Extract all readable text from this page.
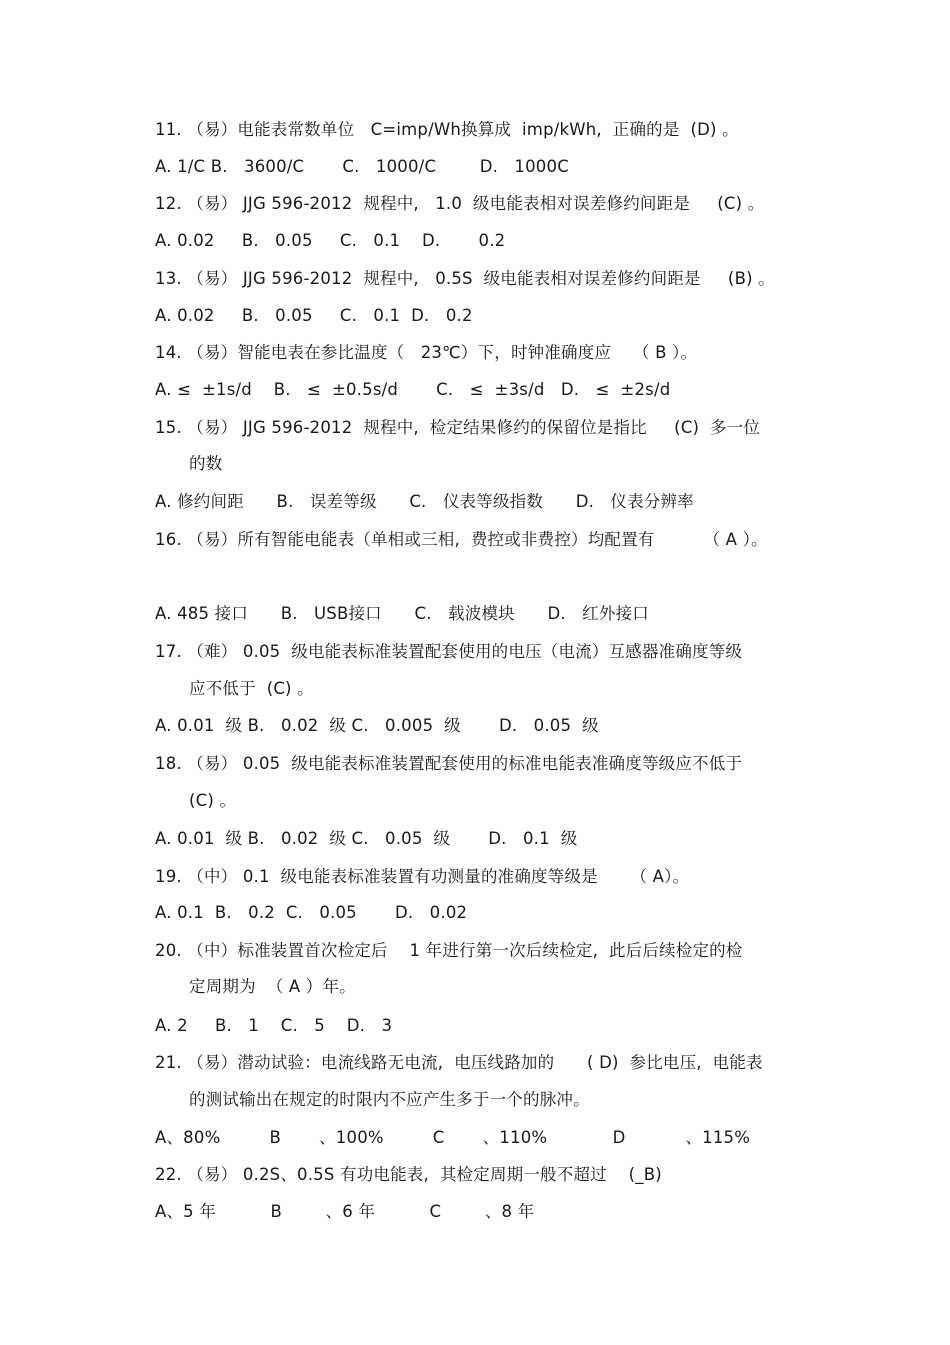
11. （易）电能表常数单位   C=imp/Wh换算成  imp/kWh,  正确的是  (D) 。
A. 1/C B.   3600/C       C.   1000/C        D.   1000C
12. （易） JJG 596-2012  规程中,   1.0  级电能表相对误差修约间距是     (C) 。
A. 0.02     B.   0.05     C.   0.1    D.       0.2
13. （易） JJG 596-2012  规程中,   0.5S  级电能表相对误差修约间距是     (B) 。
A. 0.02     B.   0.05     C.   0.1  D.   0.2
14. （易）智能电表在参比温度（   23℃）下，时钟准确度应    （ B ）。
A. ≤  ±1s/d    B.   ≤  ±0.5s/d       C.   ≤  ±3s/d   D.   ≤  ±2s/d
15. （易） JJG 596-2012  规程中,  检定结果修约的保留位是指比     (C)  多一位
的数
A. 修约间距      B.   误差等级      C.   仪表等级指数      D.   仪表分辨率
16. （易）所有智能电能表（单相或三相,  费控或非费控）均配置有         （ A ）。
A. 485 接口      B.   USB接口      C.   载波模块      D.   红外接口
17. （难） 0.05  级电能表标准装置配套使用的电压（电流）互感器准确度等级
应不低于  (C) 。
A. 0.01  级 B.   0.02  级 C.   0.005  级       D.   0.05  级
18. （易） 0.05  级电能表标准装置配套使用的标准电能表准确度等级应不低于
(C) 。
A. 0.01  级 B.   0.02  级 C.   0.05  级       D.   0.1  级
19. （中） 0.1  级电能表标准装置有功测量的准确度等级是      （ A）。
A. 0.1  B.   0.2  C.   0.05       D.   0.02
20. （中）标准装置首次检定后    1 年进行第一次后续检定,  此后后续检定的检
定周期为  （ A ）年。
A. 2     B.   1    C.   5    D.   3
21. （易）潜动试验：电流线路无电流,  电压线路加的      ( D)  参比电压,  电能表
的测试输出在规定的时限内不应产生多于一个的脉冲。
A、80%         B       、100%         C       、110%            D           、115%
22. （易） 0.2S、0.5S 有功电能表,  其检定周期一般不超过    (_B)
A、5 年          B        、6 年          C        、8 年
